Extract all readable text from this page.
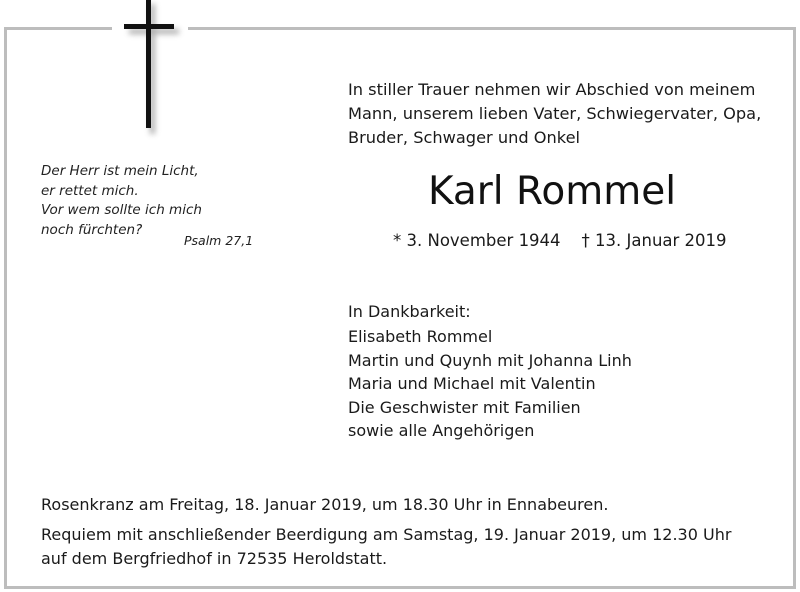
Der Herr ist mein Licht,
er rettet mich.
Vor wem sollte ich mich
noch fürchten?
Psalm 27,1
In stiller Trauer nehmen wir Abschied von meinem
Mann, unserem lieben Vater, Schwiegervater, Opa,
Bruder, Schwager und Onkel
Karl Rommel
* 3. November 1944 † 13. Januar 2019
In Dankbarkeit:
Elisabeth Rommel
Martin und Quynh mit Johanna Linh
Maria und Michael mit Valentin
Die Geschwister mit Familien
sowie alle Angehörigen
Rosenkranz am Freitag, 18. Januar 2019, um 18.30 Uhr in Ennabeuren.
Requiem mit anschließender Beerdigung am Samstag, 19. Januar 2019, um 12.30 Uhr
auf dem Bergfriedhof in 72535 Heroldstatt.
